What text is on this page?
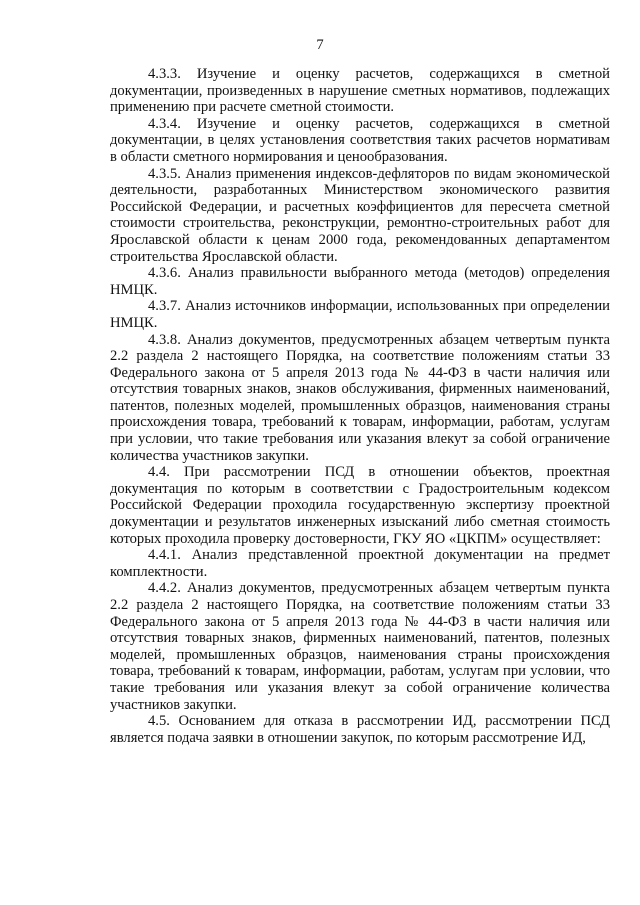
7

4.3.3. Изучение и оценку расчетов, содержащихся в сметной документации, произведенных в нарушение сметных нормативов, подлежащих применению при расчете сметной стоимости.

4.3.4. Изучение и оценку расчетов, содержащихся в сметной документации, в целях установления соответствия таких расчетов нормативам в области сметного нормирования и ценообразования.

4.3.5. Анализ применения индексов-дефляторов по видам экономической деятельности, разработанных Министерством экономического развития Российской Федерации, и расчетных коэффициентов для пересчета сметной стоимости строительства, реконструкции, ремонтно-строительных работ для Ярославской области к ценам 2000 года, рекомендованных департаментом строительства Ярославской области.

4.3.6. Анализ правильности выбранного метода (методов) определения НМЦК.

4.3.7. Анализ источников информации, использованных при определении НМЦК.

4.3.8. Анализ документов, предусмотренных абзацем четвертым пункта 2.2 раздела 2 настоящего Порядка, на соответствие положениям статьи 33 Федерального закона от 5 апреля 2013 года № 44-ФЗ в части наличия или отсутствия товарных знаков, знаков обслуживания, фирменных наименований, патентов, полезных моделей, промышленных образцов, наименования страны происхождения товара, требований к товарам, информации, работам, услугам при условии, что такие требования или указания влекут за собой ограничение количества участников закупки.

4.4. При рассмотрении ПСД в отношении объектов, проектная документация по которым в соответствии с Градостроительным кодексом Российской Федерации проходила государственную экспертизу проектной документации и результатов инженерных изысканий либо сметная стоимость которых проходила проверку достоверности, ГКУ ЯО «ЦКПМ» осуществляет:

4.4.1. Анализ представленной проектной документации на предмет комплектности.

4.4.2. Анализ документов, предусмотренных абзацем четвертым пункта 2.2 раздела 2 настоящего Порядка, на соответствие положениям статьи 33 Федерального закона от 5 апреля 2013 года № 44-ФЗ в части наличия или отсутствия товарных знаков, фирменных наименований, патентов, полезных моделей, промышленных образцов, наименования страны происхождения товара, требований к товарам, информации, работам, услугам при условии, что такие требования или указания влекут за собой ограничение количества участников закупки.

4.5. Основанием для отказа в рассмотрении ИД, рассмотрении ПСД является подача заявки в отношении закупок, по которым рассмотрение ИД,
